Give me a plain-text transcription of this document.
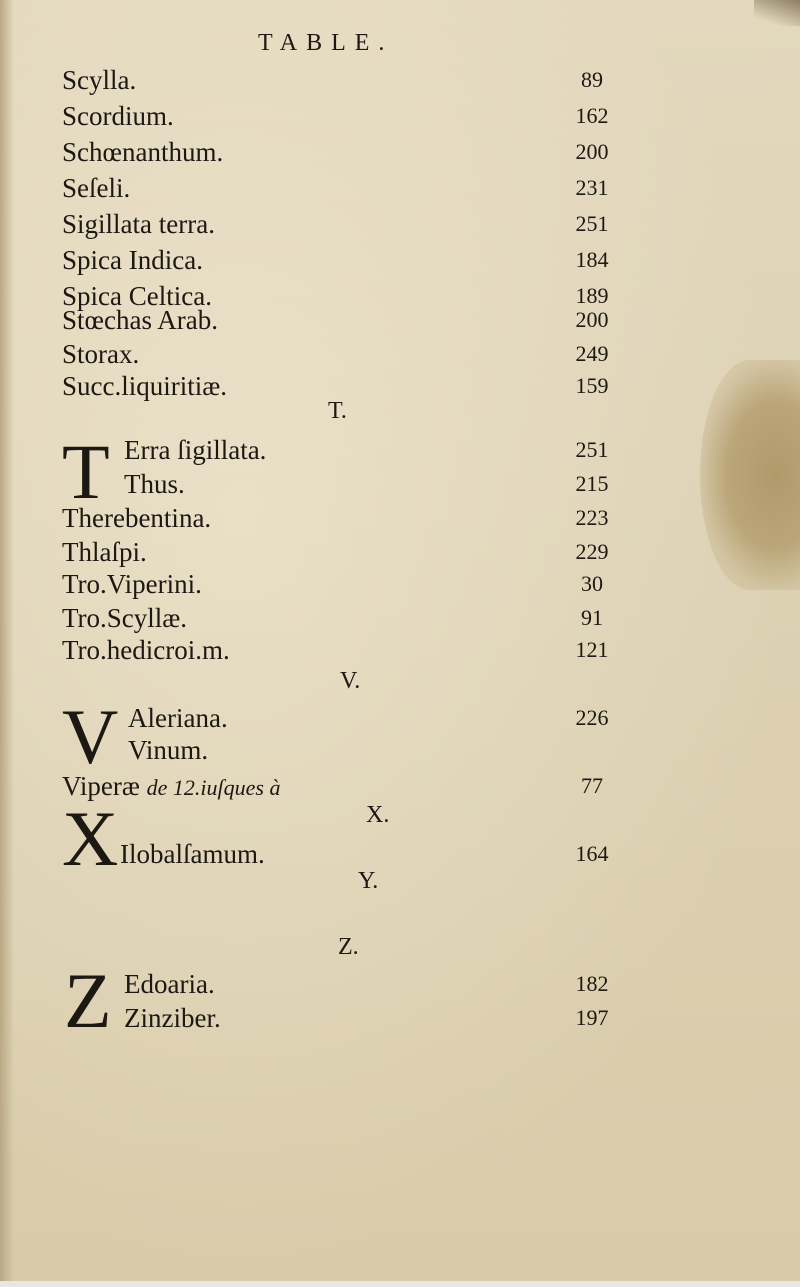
TABLE.
Scylla.	89
Scordium.	162
Schœnanthum.	200
Seſeli.	231
Sigillata terra.	251
Spica Indica.	184
Spica Celtica.	189
Stœchas Arab.	200
Storax.	249
Succ.liquiritiæ.	159
T.
T Erra ſigillata.	251
Thus.	215
Therebentina.	223
Thlaſpi.	229
Tro.Viperini.	30
Tro.Scyllæ.	91
Tro.hedicroi.m.	121
V.
V Aleriana.	226
Vinum.
Viperæ de 12.iuſques à	77
X.
X Ilobalſamum.	164
Y.
Z.
Z Edoaria.	182
Zinziber.	197
